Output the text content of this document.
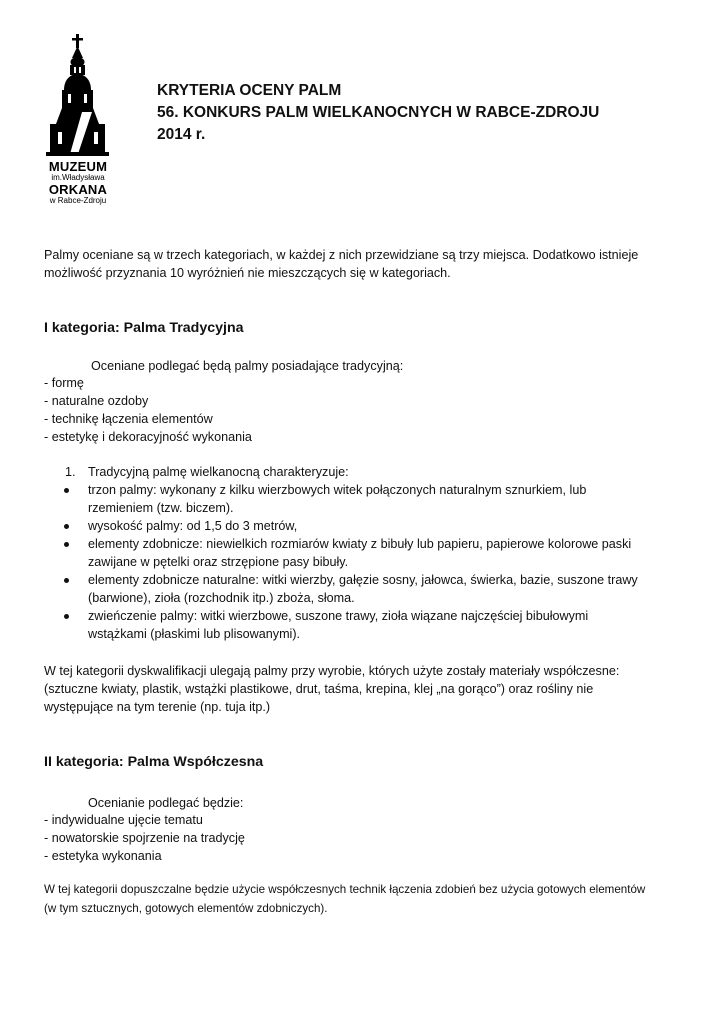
MUZEUM
im.Władysława
ORKANA
w Rabce-Zdroju
KRYTERIA OCENY PALM
56. KONKURS PALM WIELKANOCNYCH W RABCE-ZDROJU
2014 r.
Palmy oceniane są w trzech kategoriach, w każdej z nich przewidziane są trzy miejsca. Dodatkowo istnieje
możliwość przyznania 10 wyróżnień nie mieszczących się w kategoriach.
I kategoria: Palma Tradycyjna
Oceniane podlegać będą palmy posiadające tradycyjną:
- formę
- naturalne ozdoby
- technikę łączenia elementów
- estetykę i dekoracyjność wykonania
1. Tradycyjną palmę wielkanocną charakteryzuje:
trzon palmy: wykonany z kilku wierzbowych witek połączonych naturalnym sznurkiem, lub
rzemieniem (tzw. biczem).
wysokość palmy: od 1,5 do 3 metrów,
elementy zdobnicze: niewielkich rozmiarów kwiaty z bibuły lub papieru, papierowe kolorowe paski
zawijane w pętelki oraz strzępione pasy bibuły.
elementy zdobnicze naturalne: witki wierzby, gałęzie sosny, jałowca, świerka, bazie, suszone trawy
(barwione), zioła (rozchodnik itp.) zboża, słoma.
zwieńczenie palmy: witki wierzbowe, suszone trawy, zioła wiązane najczęściej bibułowymi
wstążkami (płaskimi lub plisowanymi).
W tej kategorii dyskwalifikacji ulegają palmy przy wyrobie, których użyte zostały materiały współczesne:
(sztuczne kwiaty, plastik, wstążki plastikowe, drut, taśma, krepina, klej „na gorąco”) oraz rośliny nie
występujące na tym terenie (np. tuja itp.)
II kategoria: Palma Współczesna
Ocenianie podlegać będzie:
- indywidualne ujęcie tematu
- nowatorskie spojrzenie na tradycję
- estetyka wykonania
W tej kategorii dopuszczalne będzie użycie współczesnych technik łączenia zdobień bez użycia gotowych elementów
(w tym sztucznych, gotowych elementów zdobniczych).
